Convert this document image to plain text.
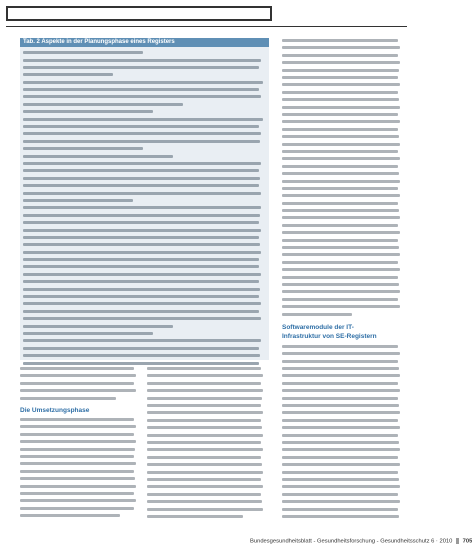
Tab. 2 Aspekte in der Planungsphase eines Registers
Die Umsetzungsphase
Softwaremodule der IT-
Infrastruktur von SE-Registern
Bundesgesundheitsblatt - Gesundheitsforschung - Gesundheitsschutz 6 · 2010 705
